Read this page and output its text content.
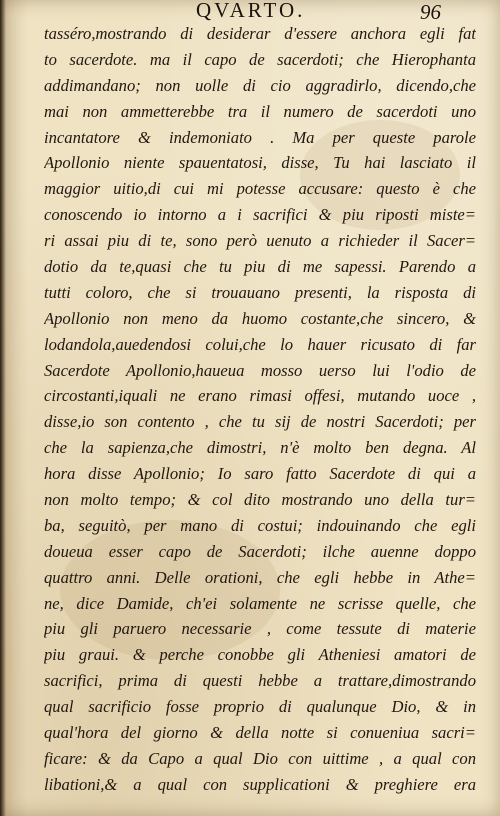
QVARTO.	96
tasséro,mostrando di desiderar d'essere anchora egli fat
to sacerdote. ma il capo de sacerdoti; che Hierophanta
addimandano; non uolle di cio aggradirlo, dicendo,che
mai non ammetterebbe tra il numero de sacerdoti uno
incantatore & indemoniato . Ma per queste parole
Apollonio niente spauentatosi, disse, Tu hai lasciato il
maggior uitio,di cui mi potesse accusare: questo è che
conoscendo io intorno a i sacrifici & piu riposti miste=
ri assai piu di te, sono però uenuto a richieder il Sacer=
dotio da te,quasi che tu piu di me sapessi. Parendo a
tutti coloro, che si trouauano presenti, la risposta di
Apollonio non meno da huomo costante,che sincero, &
lodandola,auedendosi colui,che lo hauer ricusato di far
Sacerdote Apollonio,haueua mosso uerso lui l'odio de
circostanti,iquali ne erano rimasi offesi, mutando uoce ,
disse,io son contento , che tu sij de nostri Sacerdoti; per
che la sapienza,che dimostri, n'è molto ben degna. Al
hora disse Apollonio; Io saro fatto Sacerdote di qui a
non molto tempo; & col dito mostrando uno della tur=
ba, seguitò, per mano di costui; indouinando che egli
doueua esser capo de Sacerdoti; ilche auenne doppo
quattro anni. Delle orationi, che egli hebbe in Athe=
ne, dice Damide, ch'ei solamente ne scrisse quelle, che
piu gli paruero necessarie , come tessute di materie
piu graui. & perche conobbe gli Atheniesi amatori de
sacrifici, prima di questi hebbe a trattare,dimostrando
qual sacrificio fosse proprio di qualunque Dio, & in
qual'hora del giorno & della notte si conueniua sacri=
ficare: & da Capo a qual Dio con uittime , a qual con
libationi,& a qual con supplicationi & preghiere era
